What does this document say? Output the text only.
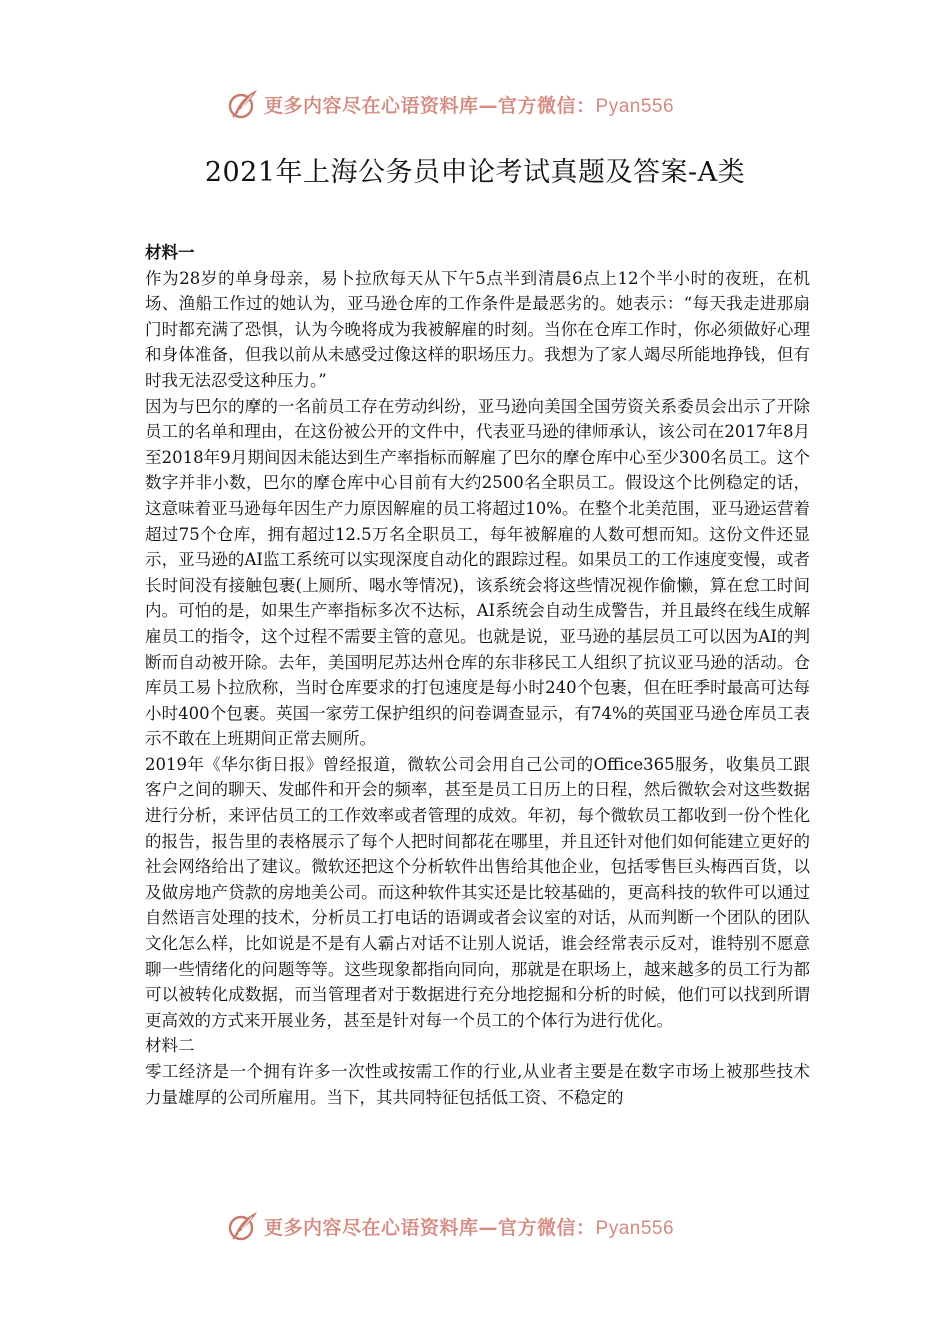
更多内容尽在心语资料库—官方微信：Pyan556
2021年上海公务员申论考试真题及答案-A类
材料一
作为28岁的单身母亲，易卜拉欣每天从下午5点半到清晨6点上12个半小时的夜班，在机场、渔船工作过的她认为，亚马逊仓库的工作条件是最恶劣的。她表示：“每天我走进那扇门时都充满了恐惧，认为今晚将成为我被解雇的时刻。当你在仓库工作时，你必须做好心理和身体准备，但我以前从未感受过像这样的职场压力。我想为了家人竭尽所能地挣钱，但有时我无法忍受这种压力。”
因为与巴尔的摩的一名前员工存在劳动纠纷，亚马逊向美国全国劳资关系委员会出示了开除员工的名单和理由，在这份被公开的文件中，代表亚马逊的律师承认，该公司在2017年8月至2018年9月期间因未能达到生产率指标而解雇了巴尔的摩仓库中心至少300名员工。这个数字并非小数，巴尔的摩仓库中心目前有大约2500名全职员工。假设这个比例稳定的话，这意味着亚马逊每年因生产力原因解雇的员工将超过10%。在整个北美范围，亚马逊运营着超过75个仓库，拥有超过12.5万名全职员工，每年被解雇的人数可想而知。这份文件还显示，亚马逊的AI监工系统可以实现深度自动化的跟踪过程。如果员工的工作速度变慢，或者长时间没有接触包裹(上厕所、喝水等情况)，该系统会将这些情况视作偷懒，算在怠工时间内。可怕的是，如果生产率指标多次不达标，AI系统会自动生成警告，并且最终在线生成解雇员工的指令，这个过程不需要主管的意见。也就是说，亚马逊的基层员工可以因为AI的判断而自动被开除。去年，美国明尼苏达州仓库的东非移民工人组织了抗议亚马逊的活动。仓库员工易卜拉欣称，当时仓库要求的打包速度是每小时240个包裹，但在旺季时最高可达每小时400个包裹。英国一家劳工保护组织的问卷调查显示，有74%的英国亚马逊仓库员工表示不敢在上班期间正常去厕所。
2019年《华尔街日报》曾经报道，微软公司会用自己公司的Office365服务，收集员工跟客户之间的聊天、发邮件和开会的频率，甚至是员工日历上的日程，然后微软会对这些数据进行分析，来评估员工的工作效率或者管理的成效。年初，每个微软员工都收到一份个性化的报告，报告里的表格展示了每个人把时间都花在哪里，并且还针对他们如何能建立更好的社会网络给出了建议。微软还把这个分析软件出售给其他企业，包括零售巨头梅西百货，以及做房地产贷款的房地美公司。而这种软件其实还是比较基础的，更高科技的软件可以通过自然语言处理的技术，分析员工打电话的语调或者会议室的对话，从而判断一个团队的团队文化怎么样，比如说是不是有人霸占对话不让别人说话，谁会经常表示反对，谁特别不愿意聊一些情绪化的问题等等。这些现象都指向同向，那就是在职场上，越来越多的员工行为都可以被转化成数据，而当管理者对于数据进行充分地挖掘和分析的时候，他们可以找到所谓更高效的方式来开展业务，甚至是针对每一个员工的个体行为进行优化。
材料二
零工经济是一个拥有许多一次性或按需工作的行业,从业者主要是在数字市场上被那些技术力量雄厚的公司所雇用。当下，其共同特征包括低工资、不稳定的
更多内容尽在心语资料库—官方微信：Pyan556
